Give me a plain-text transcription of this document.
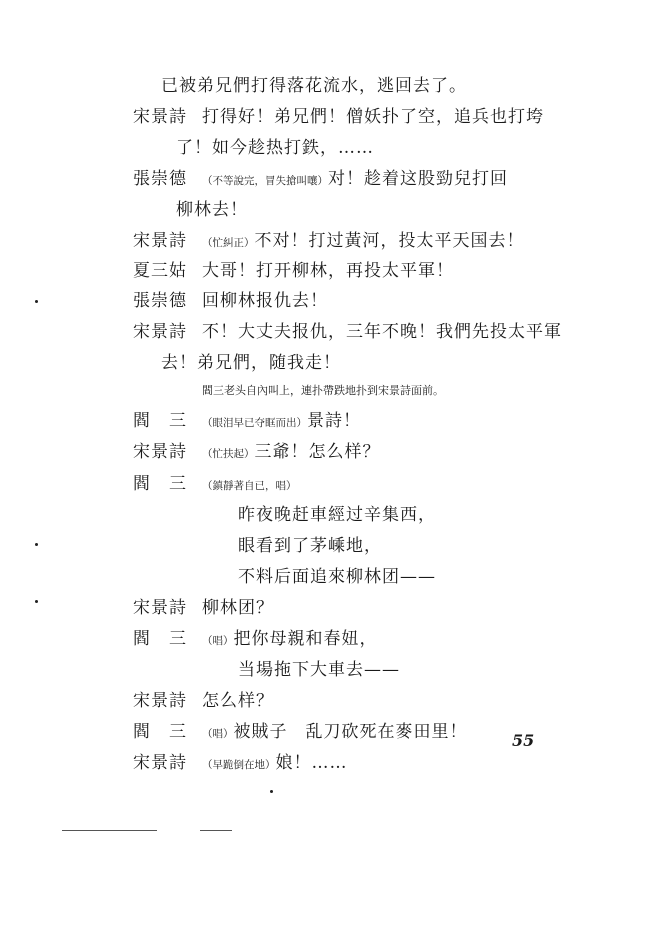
已被弟兄們打得落花流水，逃回去了。
宋景詩 打得好！弟兄們！僧妖扑了空，追兵也打垮
了！如今趁热打鉄，……
張崇德 （不等說完，冒失搶叫嚷）对！趁着这股勁兒打回
柳林去！
宋景詩 （忙糾正）不对！打过黃河，投太平天国去！
夏三姑 大哥！打开柳林，再投太平軍！
張崇德 回柳林报仇去！
宋景詩 不！大丈夫报仇，三年不晚！我們先投太平軍
去！弟兄們，随我走！
閻三老头自內叫上，連扑帶跌地扑到宋景詩面前。
閻　三 （眼泪早已夺眶而出）景詩！
宋景詩 （忙扶起）三爺！怎么样？
閻　三 （鎮靜著自已，唱）
昨夜晚赶車經过辛集西，
眼看到了茅嵊地，
不料后面追來柳林团——
宋景詩 柳林团？
閻　三 （唱）把你母親和春妞，
当場拖下大車去——
宋景詩 怎么样？
閻　三 （唱）被賊子　乱刀砍死在麥田里！
宋景詩 （早跪倒在地）娘！……
55
